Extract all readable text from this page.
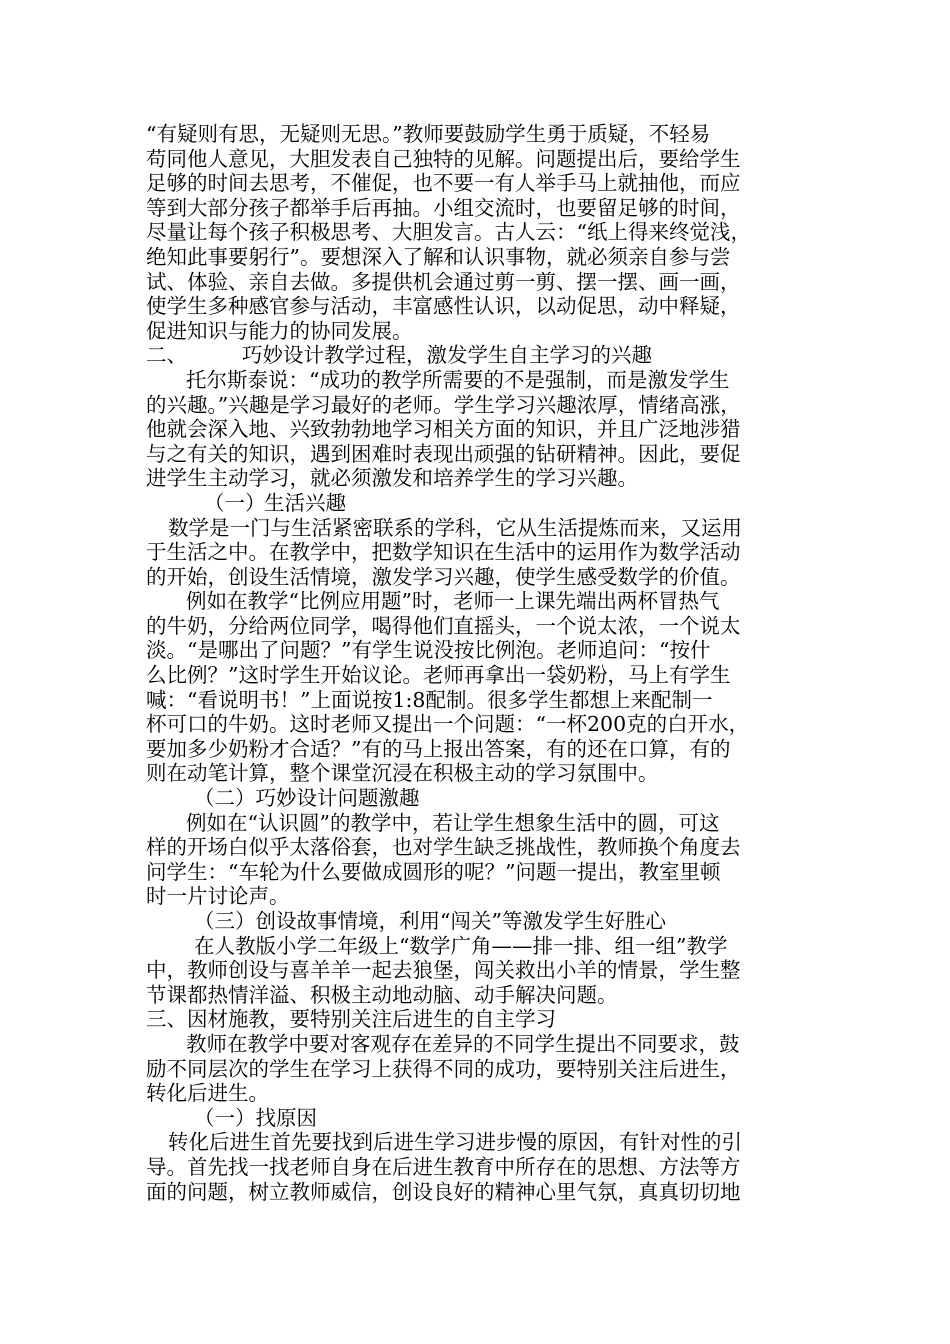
“有疑则有思，无疑则无思。”教师要鼓励学生勇于质疑，不轻易
苟同他人意见，大胆发表自己独特的见解。问题提出后，要给学生
足够的时间去思考，不催促，也不要一有人举手马上就抽他，而应
等到大部分孩子都举手后再抽。小组交流时，也要留足够的时间，
尽量让每个孩子积极思考、大胆发言。古人云：“纸上得来终觉浅，
绝知此事要躬行”。要想深入了解和认识事物，就必须亲自参与尝
试、体验、亲自去做。多提供机会通过剪一剪、摆一摆、画一画，
使学生多种感官参与活动，丰富感性认识，以动促思，动中释疑，
促进知识与能力的协同发展。
二、	巧妙设计教学过程，激发学生自主学习的兴趣
托尔斯泰说：“成功的教学所需要的不是强制，而是激发学生
的兴趣。”兴趣是学习最好的老师。学生学习兴趣浓厚，情绪高涨，
他就会深入地、兴致勃勃地学习相关方面的知识，并且广泛地涉猎
与之有关的知识，遇到困难时表现出顽强的钻研精神。因此，要促
进学生主动学习，就必须激发和培养学生的学习兴趣。
（一）生活兴趣
数学是一门与生活紧密联系的学科，它从生活提炼而来，又运用
于生活之中。在教学中，把数学知识在生活中的运用作为数学活动
的开始，创设生活情境，激发学习兴趣，使学生感受数学的价值。
例如在教学“比例应用题”时，老师一上课先端出两杯冒热气
的牛奶，分给两位同学，喝得他们直摇头，一个说太浓，一个说太
淡。“是哪出了问题？”有学生说没按比例泡。老师追问：“按什
么比例？”这时学生开始议论。老师再拿出一袋奶粉，马上有学生
喊：“看说明书！”上面说按1:8配制。很多学生都想上来配制一
杯可口的牛奶。这时老师又提出一个问题：“一杯200克的白开水，
要加多少奶粉才合适？”有的马上报出答案，有的还在口算，有的
则在动笔计算，整个课堂沉浸在积极主动的学习氛围中。
（二）巧妙设计问题激趣
例如在“认识圆”的教学中，若让学生想象生活中的圆，可这
样的开场白似乎太落俗套，也对学生缺乏挑战性，教师换个角度去
问学生：“车轮为什么要做成圆形的呢？”问题一提出，教室里顿
时一片讨论声。
（三）创设故事情境，利用“闯关”等激发学生好胜心
在人教版小学二年级上“数学广角——排一排、组一组”教学
中，教师创设与喜羊羊一起去狼堡，闯关救出小羊的情景，学生整
节课都热情洋溢、积极主动地动脑、动手解决问题。
三、因材施教，要特别关注后进生的自主学习
教师在教学中要对客观存在差异的不同学生提出不同要求，鼓
励不同层次的学生在学习上获得不同的成功，要特别关注后进生，
转化后进生。
（一）找原因
转化后进生首先要找到后进生学习进步慢的原因，有针对性的引
导。首先找一找老师自身在后进生教育中所存在的思想、方法等方
面的问题，树立教师威信，创设良好的精神心里气氛，真真切切地
